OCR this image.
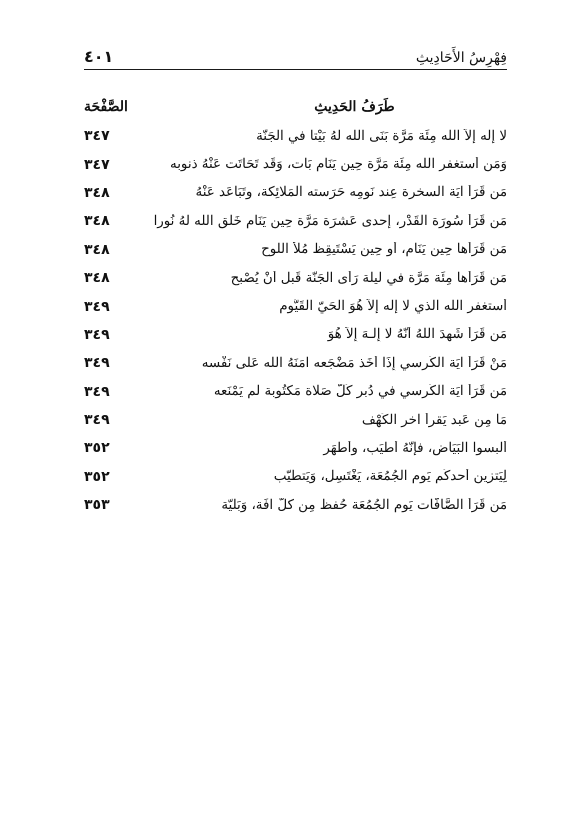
فِهْرِسُ الأَحَادِيثِ
٤٠١
طَرَفُ الحَدِيثِ
الصَّفْحَة
لا إله إلاّ الله مِئَة مَرَّة بَنَى الله لَهُ بَيْتاً في الجَنَّة
٣٤٧
وَمَن أستغفر الله مِئَة مَرَّة حِين يَنَام بَات، وَقَد تَحَاتَت عَنْهُ ذنوبه
٣٤٧
مَن قَرَأ آيَة السخرة عِند نَومِه حَرَسته المَلائِكة، وتَبَاعَد عَنْهُ
٣٤٨
مَن قَرَأ سُورَة القَدْر، إحدى عَشرَة مَرَّة حِين يَنَام خَلَق الله لَهُ نُوراً
٣٤٨
مَن قَرَأها حِين يَنَام، أو حِين يَسْتَيقِظ مُلأ اللَّوح
٣٤٨
مَن قَرَأها مِئَة مَرَّة في لَيلَة رَأى الجَنَّة قَبل أَنْ يُصْبح
٣٤٨
أستغفر الله الَّذي لا إله إلاّ هُوَ الحَيّ القَيُّوم
٣٤٩
مَن قَرَأ شَهِدَ اللهُ أَنَّهُ لا إِلَـهَ إِلاَّ هُوَ
٣٤٩
مَنْ قَرَأ آيَة الكُرسي إِذَا أَخَذ مَضْجَعه آمَنَهُ الله عَلَى نَفْسه
٣٤٩
مَن قَرَأ آيَة الكُرسي في دُبر كُلّ صَلاة مَكتُوبة لَم يَمْنَعه
٣٤٩
مَا مِن عَبد يَقرأ آخر الكَهْف
٣٤٩
ألبسوا البَيَاض، فإنَّهُ أطيَب، وأطهَر
٣٥٢
لِيَتزين أحدكُم يَوم الجُمُعَة، يَغْتَسِل، وَيَتطَيّب
٣٥٢
مَن قَرَأ الصَّافَّات يَوم الجُمُعَة حُفظ مِن كلّ آفَة، وَبَليّة
٣٥٣
